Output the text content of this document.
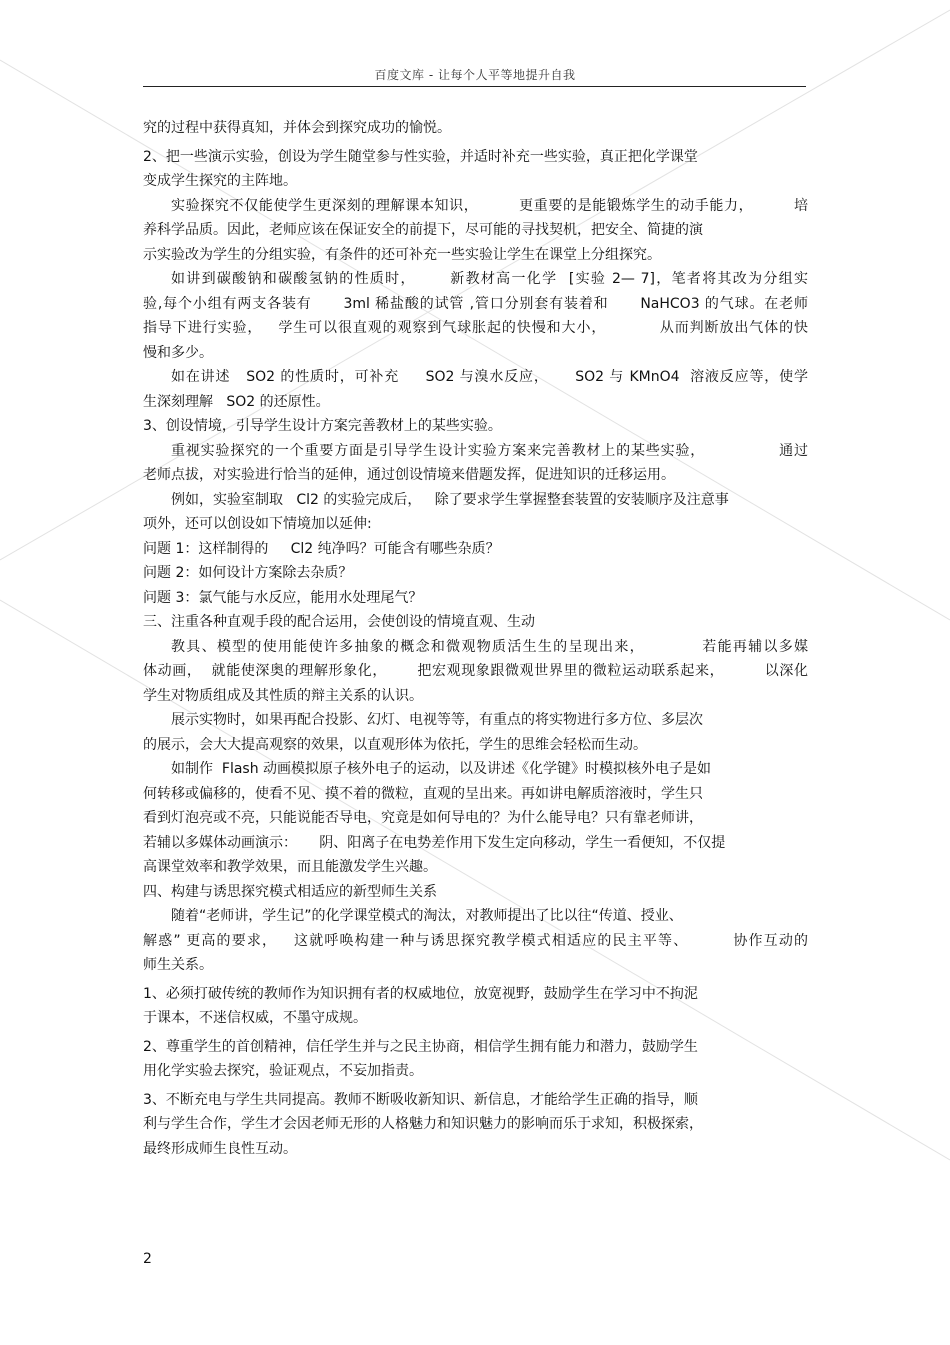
百度文库 - 让每个人平等地提升自我
究的过程中获得真知，并体会到探究成功的愉悦。
2、把一些演示实验，创设为学生随堂参与性实验，并适时补充一些实验，真正把化学课堂
变成学生探究的主阵地。
实验探究不仅能使学生更深刻的理解课本知识，        更重要的是能锻炼学生的动手能力，        培
养科学品质。因此，老师应该在保证安全的前提下，尽可能的寻找契机，把安全、简捷的演
示实验改为学生的分组实验，有条件的还可补充一些实验让学生在课堂上分组探究。
如讲到碳酸钠和碳酸氢钠的性质时，      新教材高一化学  [实验 2— 7]，笔者将其改为分组实
验,每个小组有两支各装有      3ml 稀盐酸的试管 ,管口分别套有装着和      NaHCO3 的气球。在老师
指导下进行实验，   学生可以很直观的观察到气球胀起的快慢和大小，          从而判断放出气体的快
慢和多少。
如在讲述   SO2 的性质时，可补充     SO2 与溴水反应，     SO2 与 KMnO4  溶液反应等，使学
生深刻理解   SO2 的还原性。
3、创设情境，引导学生设计方案完善教材上的某些实验。
重视实验探究的一个重要方面是引导学生设计实验方案来完善教材上的某些实验，              通过
老师点拔，对实验进行恰当的延伸，通过创设情境来借题发挥，促进知识的迁移运用。
例如，实验室制取   Cl2 的实验完成后，   除了要求学生掌握整套装置的安装顺序及注意事
项外，还可以创设如下情境加以延伸:
问题 1：这样制得的     Cl2 纯净吗？可能含有哪些杂质？
问题 2：如何设计方案除去杂质？
问题 3：氯气能与水反应，能用水处理尾气？
三、注重各种直观手段的配合运用，会使创设的情境直观、生动
教具、模型的使用能使许多抽象的概念和微观物质活生生的呈现出来，          若能再辅以多媒
体动画，  就能使深奥的理解形象化，      把宏观现象跟微观世界里的微粒运动联系起来，        以深化
学生对物质组成及其性质的辩主关系的认识。
展示实物时，如果再配合投影、幻灯、电视等等，有重点的将实物进行多方位、多层次
的展示，会大大提高观察的效果，以直观形体为依托，学生的思维会轻松而生动。
如制作  Flash 动画模拟原子核外电子的运动，以及讲述《化学键》时模拟核外电子是如
何转移或偏移的，使看不见、摸不着的微粒，直观的呈出来。再如讲电解质溶液时，学生只
看到灯泡亮或不亮，只能说能否导电，究竟是如何导电的？为什么能导电？只有靠老师讲，
若辅以多媒体动画演示：     阴、阳离子在电势差作用下发生定向移动，学生一看便知，不仅提
高课堂效率和教学效果，而且能激发学生兴趣。
四、构建与诱思探究模式相适应的新型师生关系
随着“老师讲，学生记”的化学课堂模式的淘汰，对教师提出了比以往“传道、授业、
解惑” 更高的要求，   这就呼唤构建一种与诱思探究教学模式相适应的民主平等、        协作互动的
师生关系。
1、必须打破传统的教师作为知识拥有者的权威地位，放宽视野，鼓励学生在学习中不拘泥
于课本，不迷信权威，不墨守成规。
2、尊重学生的首创精神，信任学生并与之民主协商，相信学生拥有能力和潜力，鼓励学生
用化学实验去探究，验证观点，不妄加指责。
3、不断充电与学生共同提高。教师不断吸收新知识、新信息，才能给学生正确的指导，顺
利与学生合作，学生才会因老师无形的人格魅力和知识魅力的影响而乐于求知，积极探索，
最终形成师生良性互动。
2
